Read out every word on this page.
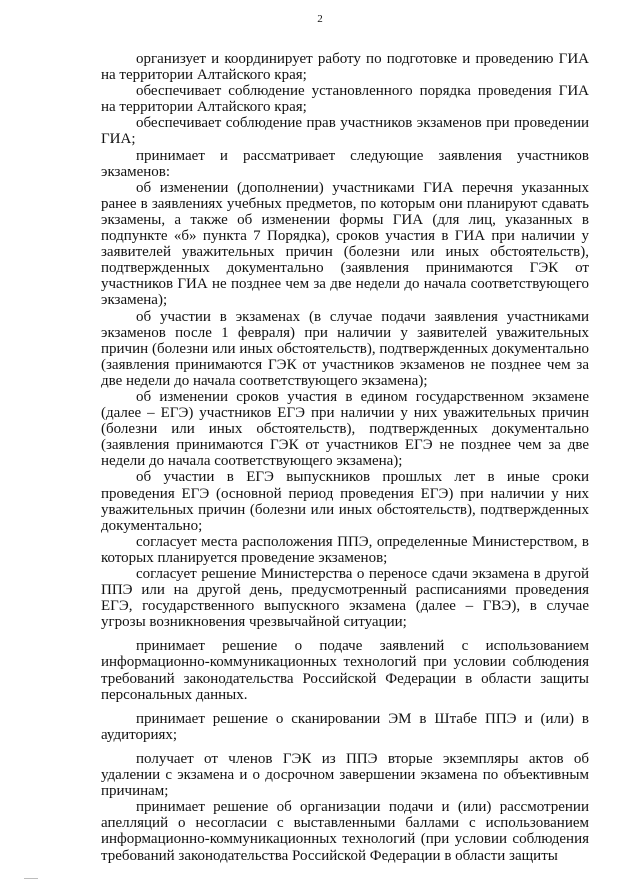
2

организует и координирует работу по подготовке и проведению ГИА на территории Алтайского края;

обеспечивает соблюдение установленного порядка проведения ГИА на территории Алтайского края;

обеспечивает соблюдение прав участников экзаменов при проведении ГИА;

принимает и рассматривает следующие заявления участников экзаменов:

об изменении (дополнении) участниками ГИА перечня указанных ранее в заявлениях учебных предметов, по которым они планируют сдавать экзамены, а также об изменении формы ГИА (для лиц, указанных в подпункте «б» пункта 7 Порядка), сроков участия в ГИА при наличии у заявителей уважительных причин (болезни или иных обстоятельств), подтвержденных документально (заявления принимаются ГЭК от участников ГИА не позднее чем за две недели до начала соответствующего экзамена);

об участии в экзаменах (в случае подачи заявления участниками экзаменов после 1 февраля) при наличии у заявителей уважительных причин (болезни или иных обстоятельств), подтвержденных документально (заявления принимаются ГЭК от участников экзаменов не позднее чем за две недели до начала соответствующего экзамена);

об изменении сроков участия в едином государственном экзамене (далее – ЕГЭ) участников ЕГЭ при наличии у них уважительных причин (болезни или иных обстоятельств), подтвержденных документально (заявления принимаются ГЭК от участников ЕГЭ не позднее чем за две недели до начала соответствующего экзамена);

об участии в ЕГЭ выпускников прошлых лет в иные сроки проведения ЕГЭ (основной период проведения ЕГЭ) при наличии у них уважительных причин (болезни или иных обстоятельств), подтвержденных документально;

согласует места расположения ППЭ, определенные Министерством, в которых планируется проведение экзаменов;

согласует решение Министерства о переносе сдачи экзамена в другой ППЭ или на другой день, предусмотренный расписаниями проведения ЕГЭ, государственного выпускного экзамена (далее – ГВЭ), в случае угрозы возникновения чрезвычайной ситуации;

принимает решение о подаче заявлений с использованием информационно-коммуникационных технологий при условии соблюдения требований законодательства Российской Федерации в области защиты персональных данных.

принимает решение о сканировании ЭМ в Штабе ППЭ и (или) в аудиториях;

получает от членов ГЭК из ППЭ вторые экземпляры актов об удалении с экзамена и о досрочном завершении экзамена по объективным причинам;

принимает решение об организации подачи и (или) рассмотрении апелляций о несогласии с выставленными баллами с использованием информационно-коммуникационных технологий (при условии соблюдения требований законодательства Российской Федерации в области защиты
